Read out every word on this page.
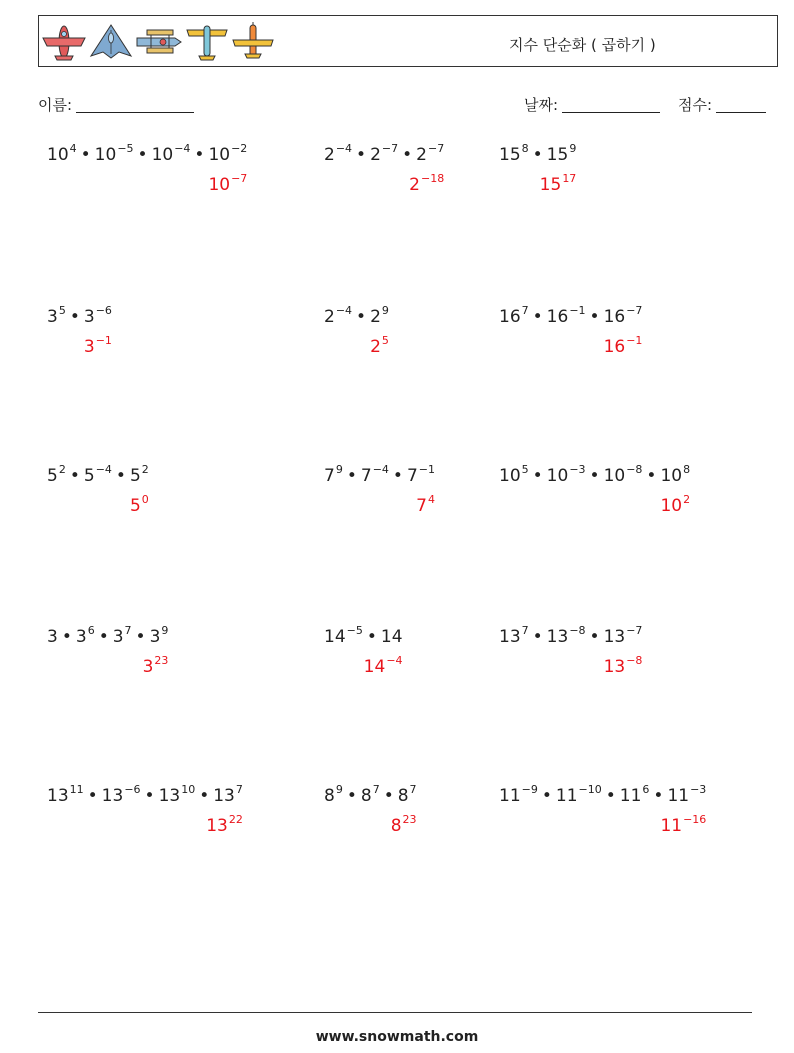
지수 단순화 ( 곱하기 )
이름:	날짜:	점수:
$10^4$ • $10^{-5}$ • $10^{-4}$ • $10^{-2}$
$10^{-7}$
$2^{-4}$ • $2^{-7}$ • $2^{-7}$
$2^{-18}$
$15^8$ • $15^9$
$15^{17}$
$3^5$ • $3^{-6}$
$3^{-1}$
$2^{-4}$ • $2^9$
$2^5$
$16^7$ • $16^{-1}$ • $16^{-7}$
$16^{-1}$
$5^2$ • $5^{-4}$ • $5^2$
$5^0$
$7^9$ • $7^{-4}$ • $7^{-1}$
$7^4$
$10^5$ • $10^{-3}$ • $10^{-8}$ • $10^8$
$10^2$
3 • $3^6$ • $3^7$ • $3^9$
$3^{23}$
$14^{-5}$ • 14
$14^{-4}$
$13^7$ • $13^{-8}$ • $13^{-7}$
$13^{-8}$
$13^{11}$ • $13^{-6}$ • $13^{10}$ • $13^7$
$13^{22}$
$8^9$ • $8^7$ • $8^7$
$8^{23}$
$11^{-9}$ • $11^{-10}$ • $11^6$ • $11^{-3}$
$11^{-16}$
www.snowmath.com
